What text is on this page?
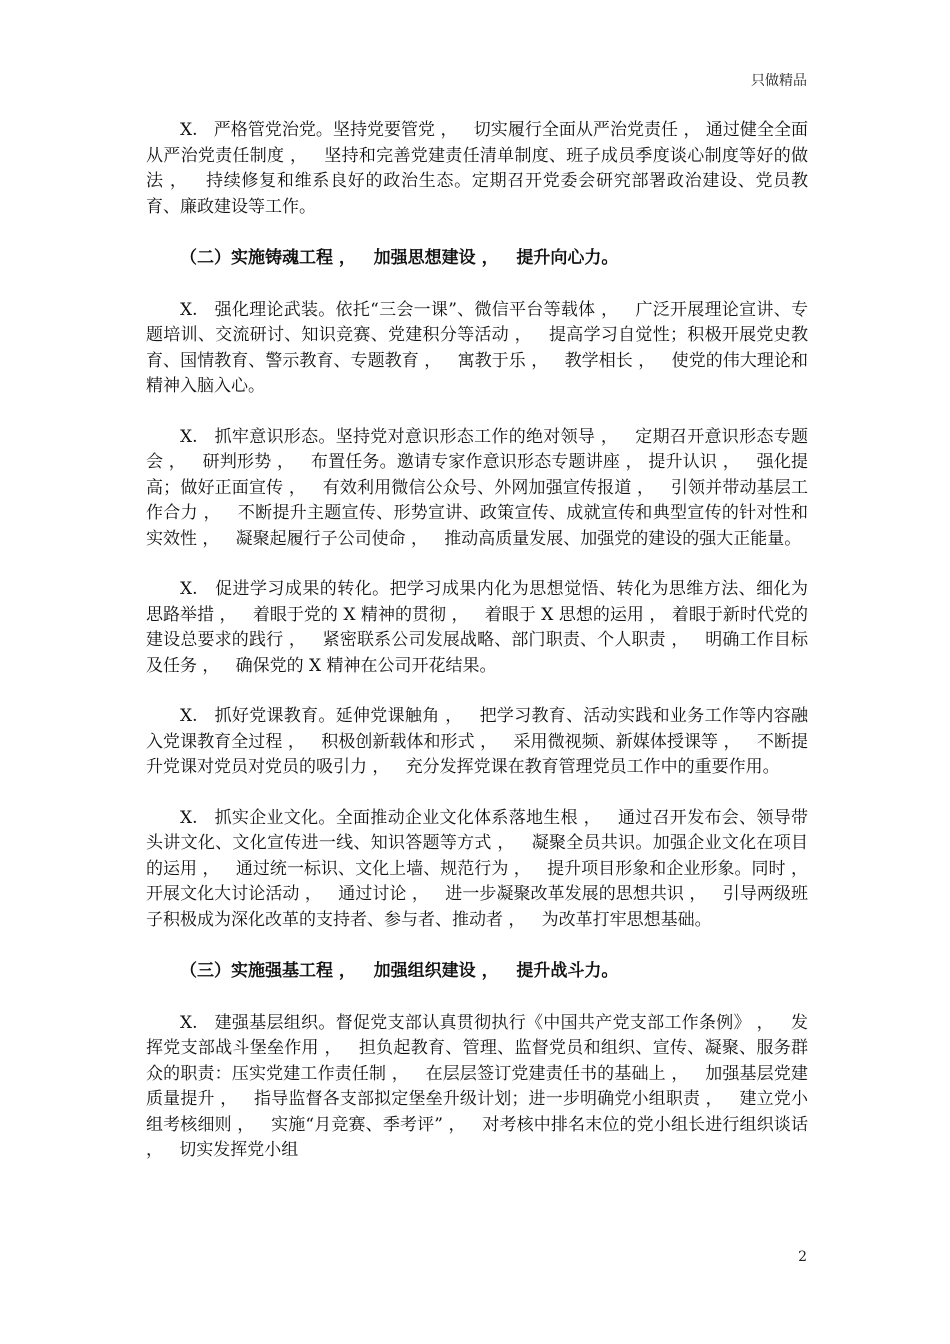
只做精品

X.   严格管党治党。坚持党要管党 ，   切实履行全面从严治党责任 ， 通过健全全面从严治党责任制度 ，   坚持和完善党建责任清单制度、班子成员季度谈心制度等好的做法 ，   持续修复和维系良好的政治生态。定期召开党委会研究部署政治建设、党员教育、廉政建设等工作。

（二）实施铸魂工程 ，   加强思想建设 ，   提升向心力。

X.   强化理论武装。依托“三会一课”、微信平台等载体 ，   广泛开展理论宣讲、专题培训、交流研讨、知识竞赛、党建积分等活动 ，   提高学习自觉性；积极开展党史教育、国情教育、警示教育、专题教育 ，   寓教于乐 ，   教学相长 ，   使党的伟大理论和精神入脑入心。

X.   抓牢意识形态。坚持党对意识形态工作的绝对领导 ，   定期召开意识形态专题会 ，   研判形势 ，   布置任务。邀请专家作意识形态专题讲座 ， 提升认识 ，   强化提高；做好正面宣传 ，   有效利用微信公众号、外网加强宣传报道 ，   引领并带动基层工作合力 ，   不断提升主题宣传、形势宣讲、政策宣传、成就宣传和典型宣传的针对性和实效性 ，   凝聚起履行子公司使命 ，   推动高质量发展、加强党的建设的强大正能量。

X.   促进学习成果的转化。把学习成果内化为思想觉悟、转化为思维方法、细化为思路举措 ，   着眼于党的 X 精神的贯彻 ，   着眼于 X 思想的运用 ， 着眼于新时代党的建设总要求的践行 ，   紧密联系公司发展战略、部门职责、个人职责 ，   明确工作目标及任务 ，   确保党的 X 精神在公司开花结果。

X.   抓好党课教育。延伸党课触角 ，   把学习教育、活动实践和业务工作等内容融入党课教育全过程 ，   积极创新载体和形式 ，   采用微视频、新媒体授课等 ，   不断提升党课对党员对党员的吸引力 ，   充分发挥党课在教育管理党员工作中的重要作用。

X.   抓实企业文化。全面推动企业文化体系落地生根 ，   通过召开发布会、领导带头讲文化、文化宣传进一线、知识答题等方式 ，   凝聚全员共识。加强企业文化在项目的运用 ，   通过统一标识、文化上墙、规范行为 ，   提升项目形象和企业形象。同时 ，   开展文化大讨论活动 ，   通过讨论 ，   进一步凝聚改革发展的思想共识 ，   引导两级班子积极成为深化改革的支持者、参与者、推动者 ，   为改革打牢思想基础。

（三）实施强基工程 ，   加强组织建设 ，   提升战斗力。

X.   建强基层组织。督促党支部认真贯彻执行《中国共产党支部工作条例》 ，   发挥党支部战斗堡垒作用 ，   担负起教育、管理、监督党员和组织、宣传、凝聚、服务群众的职责：压实党建工作责任制 ，   在层层签订党建责任书的基础上 ，   加强基层党建质量提升 ，   指导监督各支部拟定堡垒升级计划；进一步明确党小组职责 ，   建立党小组考核细则 ，   实施“月竞赛、季考评” ，   对考核中排名末位的党小组长进行组织谈话 ，   切实发挥党小组

2
